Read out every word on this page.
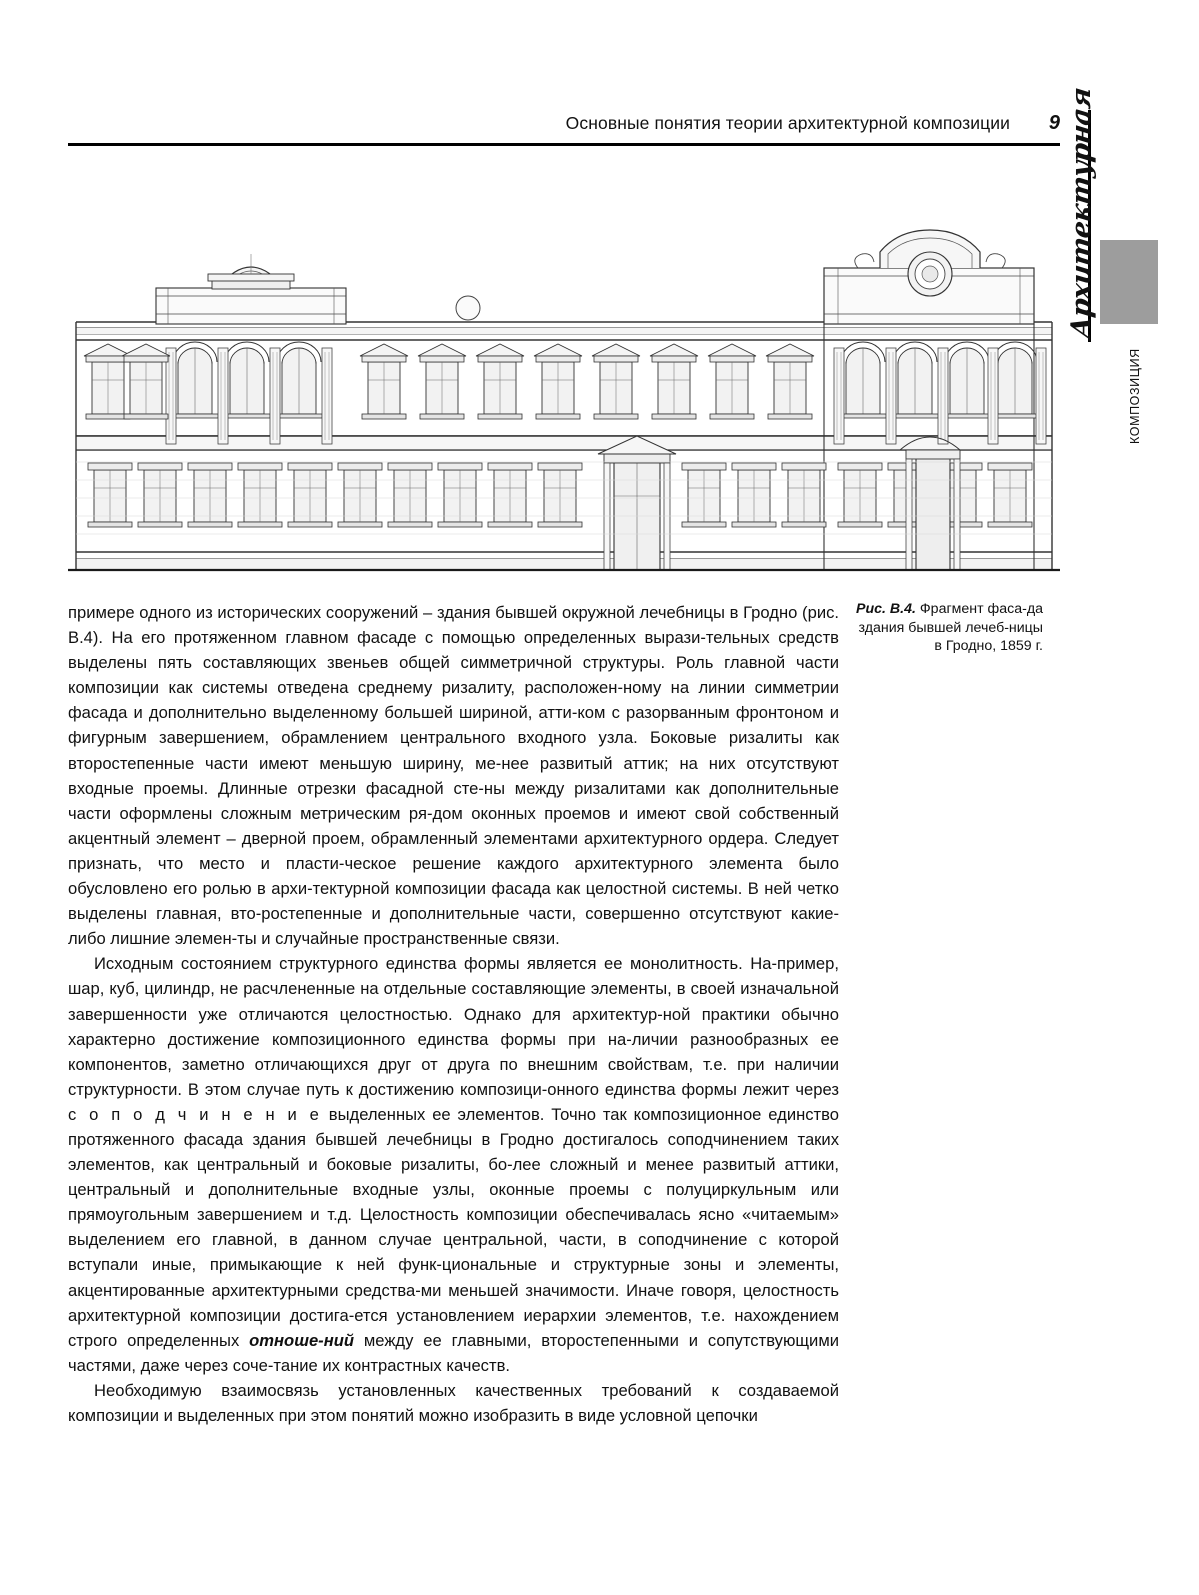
Основные понятия теории архитектурной композиции	9 Архитектурная
КОМПОЗИЦИЯ
Рис. В.4. Фрагмент фаса-да здания бывшей лечеб-ницы в Гродно, 1859 г.

примере одного из исторических сооружений – здания бывшей окружной лечебницы в Гродно (рис. В.4). На его протяженном главном фасаде с помощью определенных вырази-тельных средств выделены пять составляющих звеньев общей симметричной структуры. Роль главной части композиции как системы отведена среднему ризалиту, расположен-ному на линии симметрии фасада и дополнительно выделенному большей шириной, атти-ком с разорванным фронтоном и фигурным завершением, обрамлением центрального входного узла. Боковые ризалиты как второстепенные части имеют меньшую ширину, ме-нее развитый аттик; на них отсутствуют входные проемы. Длинные отрезки фасадной сте-ны между ризалитами как дополнительные части оформлены сложным метрическим ря-дом оконных проемов и имеют свой собственный акцентный элемент – дверной проем, обрамленный элементами архитектурного ордера. Следует признать, что место и пласти-ческое решение каждого архитектурного элемента было обусловлено его ролью в архи-тектурной композиции фасада как целостной системы. В ней четко выделены главная, вто-ростепенные и дополнительные части, совершенно отсутствуют какие-либо лишние элемен-ты и случайные пространственные связи.

Исходным состоянием структурного единства формы является ее монолитность. На-пример, шар, куб, цилиндр, не расчлененные на отдельные составляющие элементы, в своей изначальной завершенности уже отличаются целостностью. Однако для архитектур-ной практики обычно характерно достижение композиционного единства формы при на-личии разнообразных ее компонентов, заметно отличающихся друг от друга по внешним свойствам, т.е. при наличии структурности. В этом случае путь к достижению композици-онного единства формы лежит через с о п о д ч и н е н и е выделенных ее элементов. Точно так композиционное единство протяженного фасада здания бывшей лечебницы в Гродно достигалось соподчинением таких элементов, как центральный и боковые ризалиты, бо-лее сложный и менее развитый аттики, центральный и дополнительные входные узлы, оконные проемы с полуциркульным или прямоугольным завершением и т.д. Целостность композиции обеспечивалась ясно «читаемым» выделением его главной, в данном случае центральной, части, в соподчинение с которой вступали иные, примыкающие к ней функ-циональные и структурные зоны и элементы, акцентированные архитектурными средства-ми меньшей значимости. Иначе говоря, целостность архитектурной композиции достига-ется установлением иерархии элементов, т.е. нахождением строго определенных отноше-ний между ее главными, второстепенными и сопутствующими частями, даже через соче-тание их контрастных качеств.

Необходимую взаимосвязь установленных качественных требований к создаваемой композиции и выделенных при этом понятий можно изобразить в виде условной цепочки
